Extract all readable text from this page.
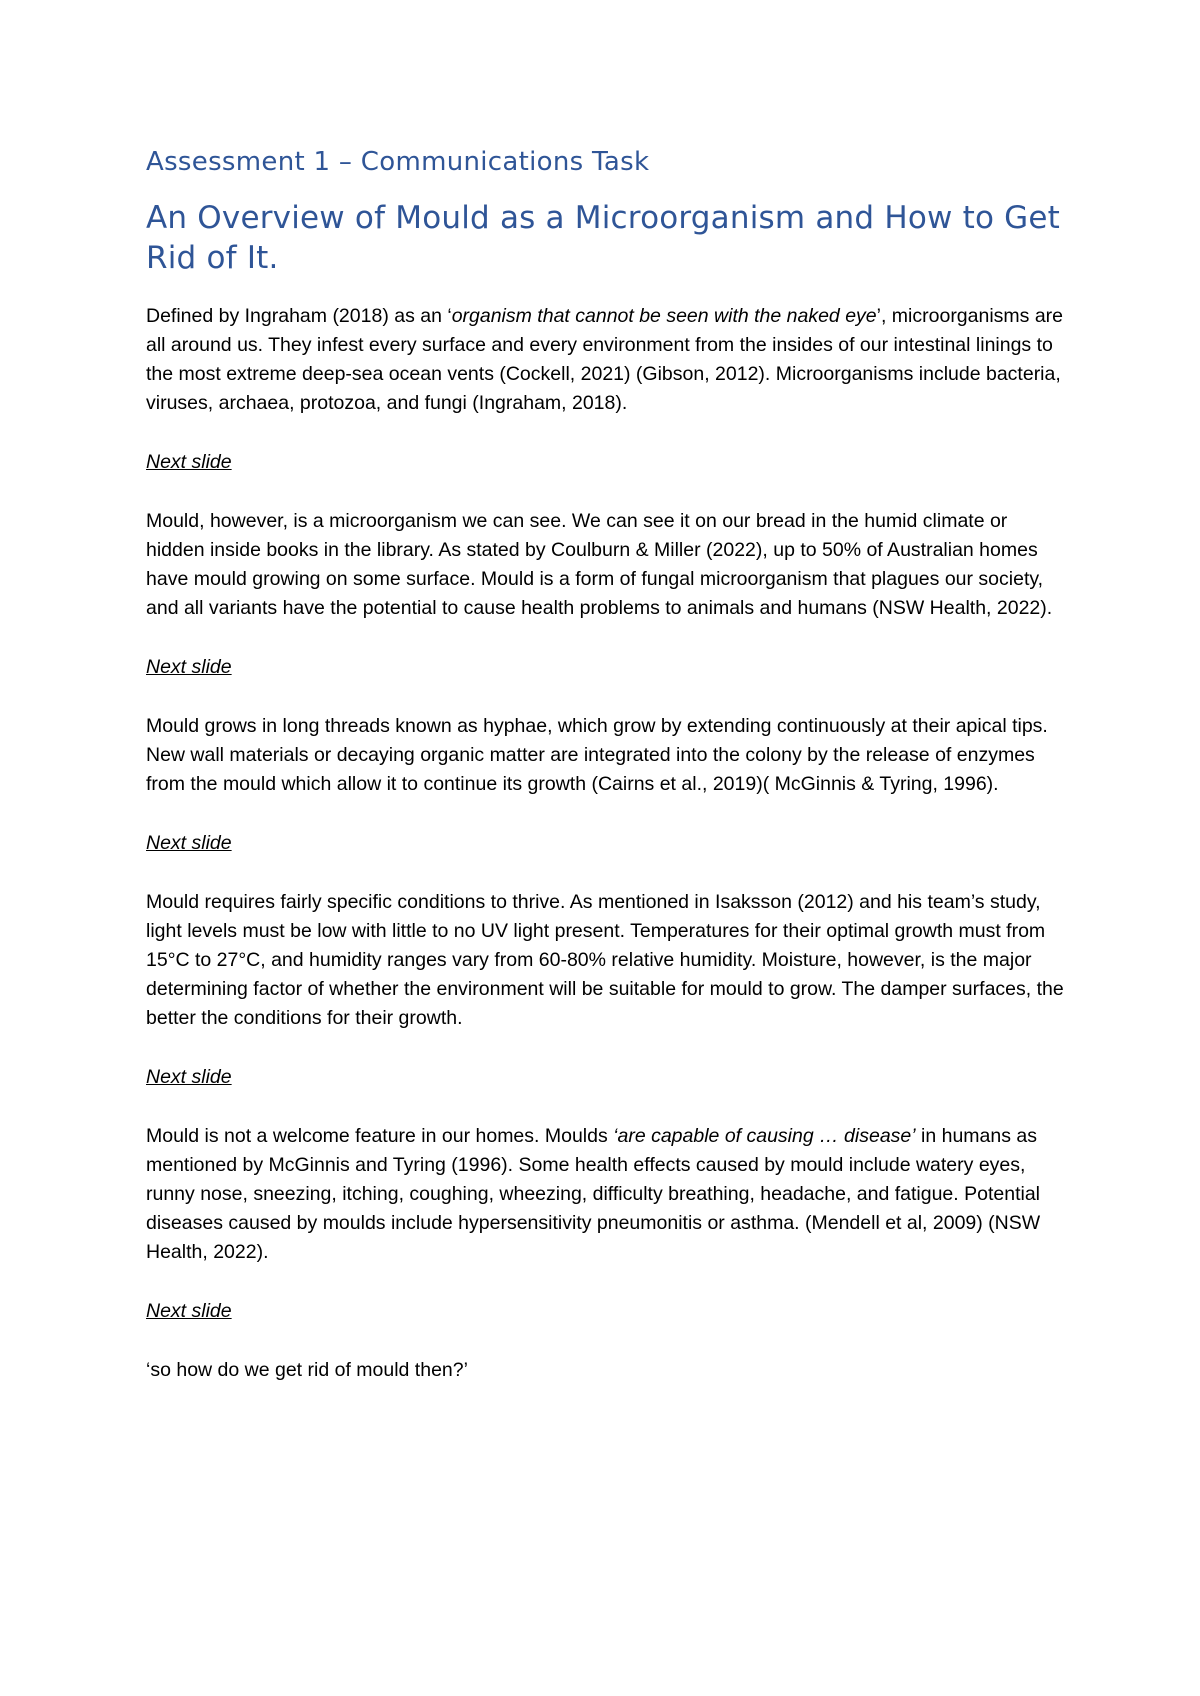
Assessment 1 – Communications Task
An Overview of Mould as a Microorganism and How to Get Rid of It.

Defined by Ingraham (2018) as an ‘organism that cannot be seen with the naked eye’, microorganisms are all around us. They infest every surface and every environment from the insides of our intestinal linings to the most extreme deep-sea ocean vents (Cockell, 2021) (Gibson, 2012). Microorganisms include bacteria, viruses, archaea, protozoa, and fungi (Ingraham, 2018).

Next slide

Mould, however, is a microorganism we can see. We can see it on our bread in the humid climate or hidden inside books in the library. As stated by Coulburn & Miller (2022), up to 50% of Australian homes have mould growing on some surface. Mould is a form of fungal microorganism that plagues our society, and all variants have the potential to cause health problems to animals and humans (NSW Health, 2022).

Next slide

Mould grows in long threads known as hyphae, which grow by extending continuously at their apical tips. New wall materials or decaying organic matter are integrated into the colony by the release of enzymes from the mould which allow it to continue its growth (Cairns et al., 2019)( McGinnis & Tyring, 1996).

Next slide

Mould requires fairly specific conditions to thrive. As mentioned in Isaksson (2012) and his team’s study, light levels must be low with little to no UV light present. Temperatures for their optimal growth must from 15°C to 27°C, and humidity ranges vary from 60-80% relative humidity. Moisture, however, is the major determining factor of whether the environment will be suitable for mould to grow. The damper surfaces, the better the conditions for their growth.

Next slide

Mould is not a welcome feature in our homes. Moulds ‘are capable of causing … disease’ in humans as mentioned by McGinnis and Tyring (1996). Some health effects caused by mould include watery eyes, runny nose, sneezing, itching, coughing, wheezing, difficulty breathing, headache, and fatigue. Potential diseases caused by moulds include hypersensitivity pneumonitis or asthma. (Mendell et al, 2009) (NSW Health, 2022).

Next slide

‘so how do we get rid of mould then?’
